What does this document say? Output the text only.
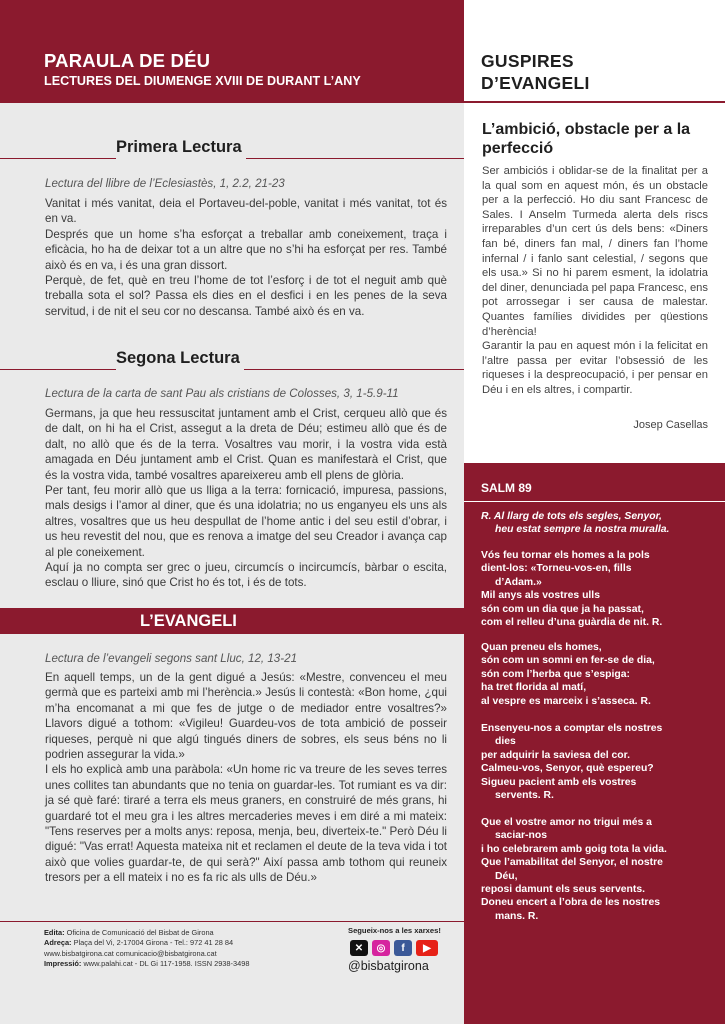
PARAULA DE DÉU
LECTURES DEL DIUMENGE XVIII DE DURANT L’ANY
GUSPIRES
D’EVANGELI
Primera Lectura
Lectura del llibre de l’Eclesiastès, 1, 2.2, 21-23

Vanitat i més vanitat, deia el Portaveu-del-poble, vanitat i més vanitat, tot és en va.

Després que un home s’ha esforçat a treballar amb coneixement, traça i eficàcia, ho ha de deixar tot a un altre que no s’hi ha esforçat per res. També això és en va, i és una gran dissort.

Perquè, de fet, què en treu l’home de tot l’esforç i de tot el neguit amb què treballa sota el sol? Passa els dies en el desfici i en les penes de la seva servitud, i de nit el seu cor no descansa. També això és en va.

Segona Lectura
Lectura de la carta de sant Pau als cristians de Colosses, 3, 1-5.9-11

Germans, ja que heu ressuscitat juntament amb el Crist, cerqueu allò que és de dalt, on hi ha el Crist, assegut a la dreta de Déu; estimeu allò que és de dalt, no allò que és de la terra. Vosaltres vau morir, i la vostra vida està amagada en Déu juntament amb el Crist. Quan es manifestarà el Crist, que és la vostra vida, també vosaltres apareixereu amb ell plens de glòria.

Per tant, feu morir allò que us lliga a la terra: fornicació, impuresa, passions, mals desigs i l’amor al diner, que és una idolatria; no us enganyeu els uns als altres, vosaltres que us heu despullat de l’home antic i del seu estil d’obrar, i us heu revestit del nou, que es renova a imatge del seu Creador i avança cap al ple coneixement.

Aquí ja no compta ser grec o jueu, circumcís o incircumcís, bàrbar o escita, esclau o lliure, sinó que Crist ho és tot, i és de tots.

L’EVANGELI
Lectura de l’evangeli segons sant Lluc, 12, 13-21

En aquell temps, un de la gent digué a Jesús: «Mestre, convenceu el meu germà que es parteixi amb mi l’herència.» Jesús li contestà: «Bon home, ¿qui m’ha encomanat a mi que fes de jutge o de mediador entre vosaltres?» Llavors digué a tothom: «Vigileu! Guardeu-vos de tota ambició de posseir riqueses, perquè ni que algú tingués diners de sobres, els seus béns no li podrien assegurar la vida.»

I els ho explicà amb una paràbola: «Un home ric va treure de les seves terres unes collites tan abundants que no tenia on guardar-les. Tot rumiant es va dir: ja sé què faré: tiraré a terra els meus graners, en construiré de més grans, hi guardaré tot el meu gra i les altres mercaderies meves i em diré a mi mateix: "Tens reserves per a molts anys: reposa, menja, beu, diverteix-te." Però Déu li digué: "Vas errat! Aquesta mateixa nit et reclamen el deute de la teva vida i tot això que volies guardar-te, de qui serà?" Així passa amb tothom qui reuneix tresors per a ell mateix i no es fa ric als ulls de Déu.»

Edita: Oficina de Comunicació del Bisbat de Girona
Adreça: Plaça del Vi, 2-17004 Girona - Tel.: 972 41 28 84
www.bisbatgirona.cat comunicacio@bisbatgirona.cat
Impressió: www.palahi.cat - DL Gi 117-1958. ISSN 2938-3498
Segueix-nos a les xarxes!
✕	◎	f	▶
@bisbatgirona
L’ambició, obstacle per a la perfecció

Ser ambiciós i oblidar-se de la finalitat per a la qual som en aquest món, és un obstacle per a la perfecció. Ho diu sant Francesc de Sales. I Anselm Turmeda alerta dels riscs irreparables d’un cert ús dels bens: «Diners fan bé, diners fan mal, / diners fan l’home infernal / i fanlo sant celestial, / segons que els usa.» Si no hi parem esment, la idolatria del diner, denunciada pel papa Francesc, ens pot arrossegar i ser causa de malestar. Quantes famílies dividides per qüestions d’herència!

Garantir la pau en aquest món i la felicitat en l’altre passa per evitar l’obsessió de les riqueses i la despreocupació, i per pensar en Déu i en els altres, i compartir.

Josep Casellas
SALM 89
R. Al llarg de tots els segles, Senyor,
heu estat sempre la nostra muralla.
Vós feu tornar els homes a la pols
dient-los: «Torneu-vos-en, fills
d’Adam.»
Mil anys als vostres ulls
són com un dia que ja ha passat,
com el relleu d’una guàrdia de nit. R.
Quan preneu els homes,
són com un somni en fer-se de dia,
són com l’herba que s’espiga:
ha tret florida al matí,
al vespre es marceix i s’asseca. R.
Ensenyeu-nos a comptar els nostres
dies
per adquirir la saviesa del cor.
Calmeu-vos, Senyor, què espereu?
Sigueu pacient amb els vostres
servents. R.
Que el vostre amor no trigui més a
saciar-nos
i ho celebrarem amb goig tota la vida.
Que l’amabilitat del Senyor, el nostre
Déu,
reposi damunt els seus servents.
Doneu encert a l’obra de les nostres
mans. R.
